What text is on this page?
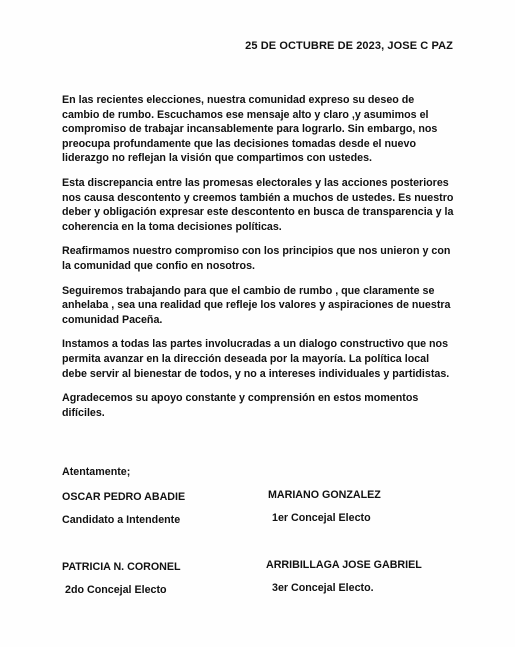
25 DE OCTUBRE DE 2023, JOSE C PAZ

En las recientes elecciones, nuestra comunidad expreso su deseo de cambio de rumbo. Escuchamos ese mensaje alto y claro ,y asumimos el compromiso de trabajar incansablemente para lograrlo. Sin embargo, nos preocupa profundamente que las decisiones tomadas desde el nuevo liderazgo no reflejan la visión que compartimos con ustedes.

Esta discrepancia entre las promesas electorales y las acciones posteriores nos causa descontento y creemos también a muchos de ustedes. Es nuestro deber y obligación expresar este descontento en busca de transparencia y la coherencia en la toma decisiones políticas.

Reafirmamos nuestro compromiso con los principios que nos unieron y con la comunidad que confio en nosotros.

Seguiremos trabajando para que el cambio de rumbo , que claramente se anhelaba , sea una realidad que refleje los valores y aspiraciones de nuestra comunidad Paceña.

Instamos a todas las partes involucradas a un dialogo constructivo que nos permita avanzar en la dirección deseada por la mayoría. La política local debe servir al bienestar de todos, y no a intereses individuales y partidistas.

Agradecemos su apoyo constante y comprensión en estos momentos difíciles.

Atentamente;
OSCAR PEDRO ABADIE
Candidato a Intendente
MARIANO GONZALEZ
1er Concejal Electo
PATRICIA N. CORONEL
2do Concejal Electo
ARRIBILLAGA JOSE GABRIEL
3er Concejal Electo.
